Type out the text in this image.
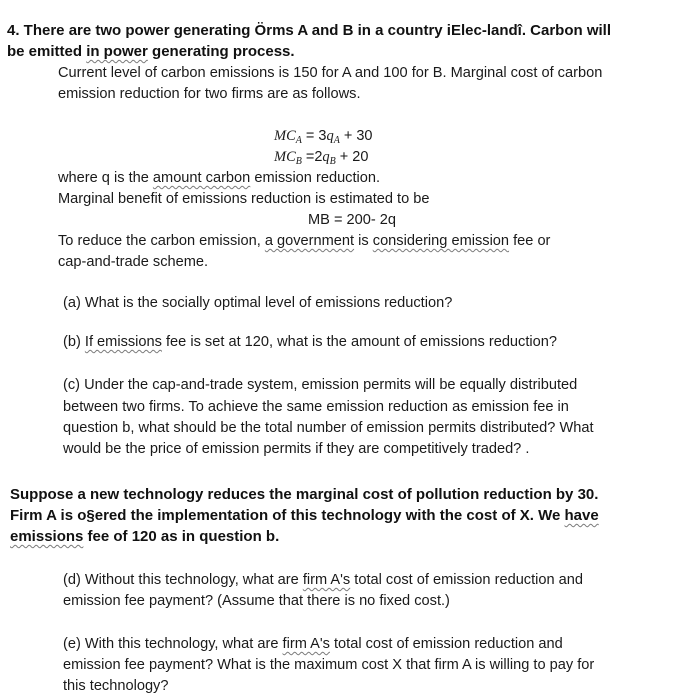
4. There are two power generating Örms A and B in a country iElec-landî. Carbon will
be emitted in power generating process.
Current level of carbon emissions is 150 for A and 100 for B. Marginal cost of carbon
emission reduction for two firms are as follows.
$MC_A = 3q_A + 30$
$MC_B =2q_B + 20$
where q is the amount carbon emission reduction.
Marginal benefit of emissions reduction is estimated to be
MB = 200- 2q
To reduce the carbon emission, a government is considering emission fee or
cap-and-trade scheme.
(a) What is the socially optimal level of emissions reduction?
(b) If emissions fee is set at 120, what is the amount of emissions reduction?
(c) Under the cap-and-trade system, emission permits will be equally distributed
between two firms. To achieve the same emission reduction as emission fee in
question b, what should be the total number of emission permits distributed? What
would be the price of emission permits if they are competitively traded? .
Suppose a new technology reduces the marginal cost of pollution reduction by 30.
Firm A is o§ered the implementation of this technology with the cost of X. We have
emissions fee of 120 as in question b.
(d) Without this technology, what are firm A's total cost of emission reduction and
emission fee payment? (Assume that there is no fixed cost.)
(e) With this technology, what are firm A's total cost of emission reduction and
emission fee payment? What is the maximum cost X that firm A is willing to pay for
this technology?
